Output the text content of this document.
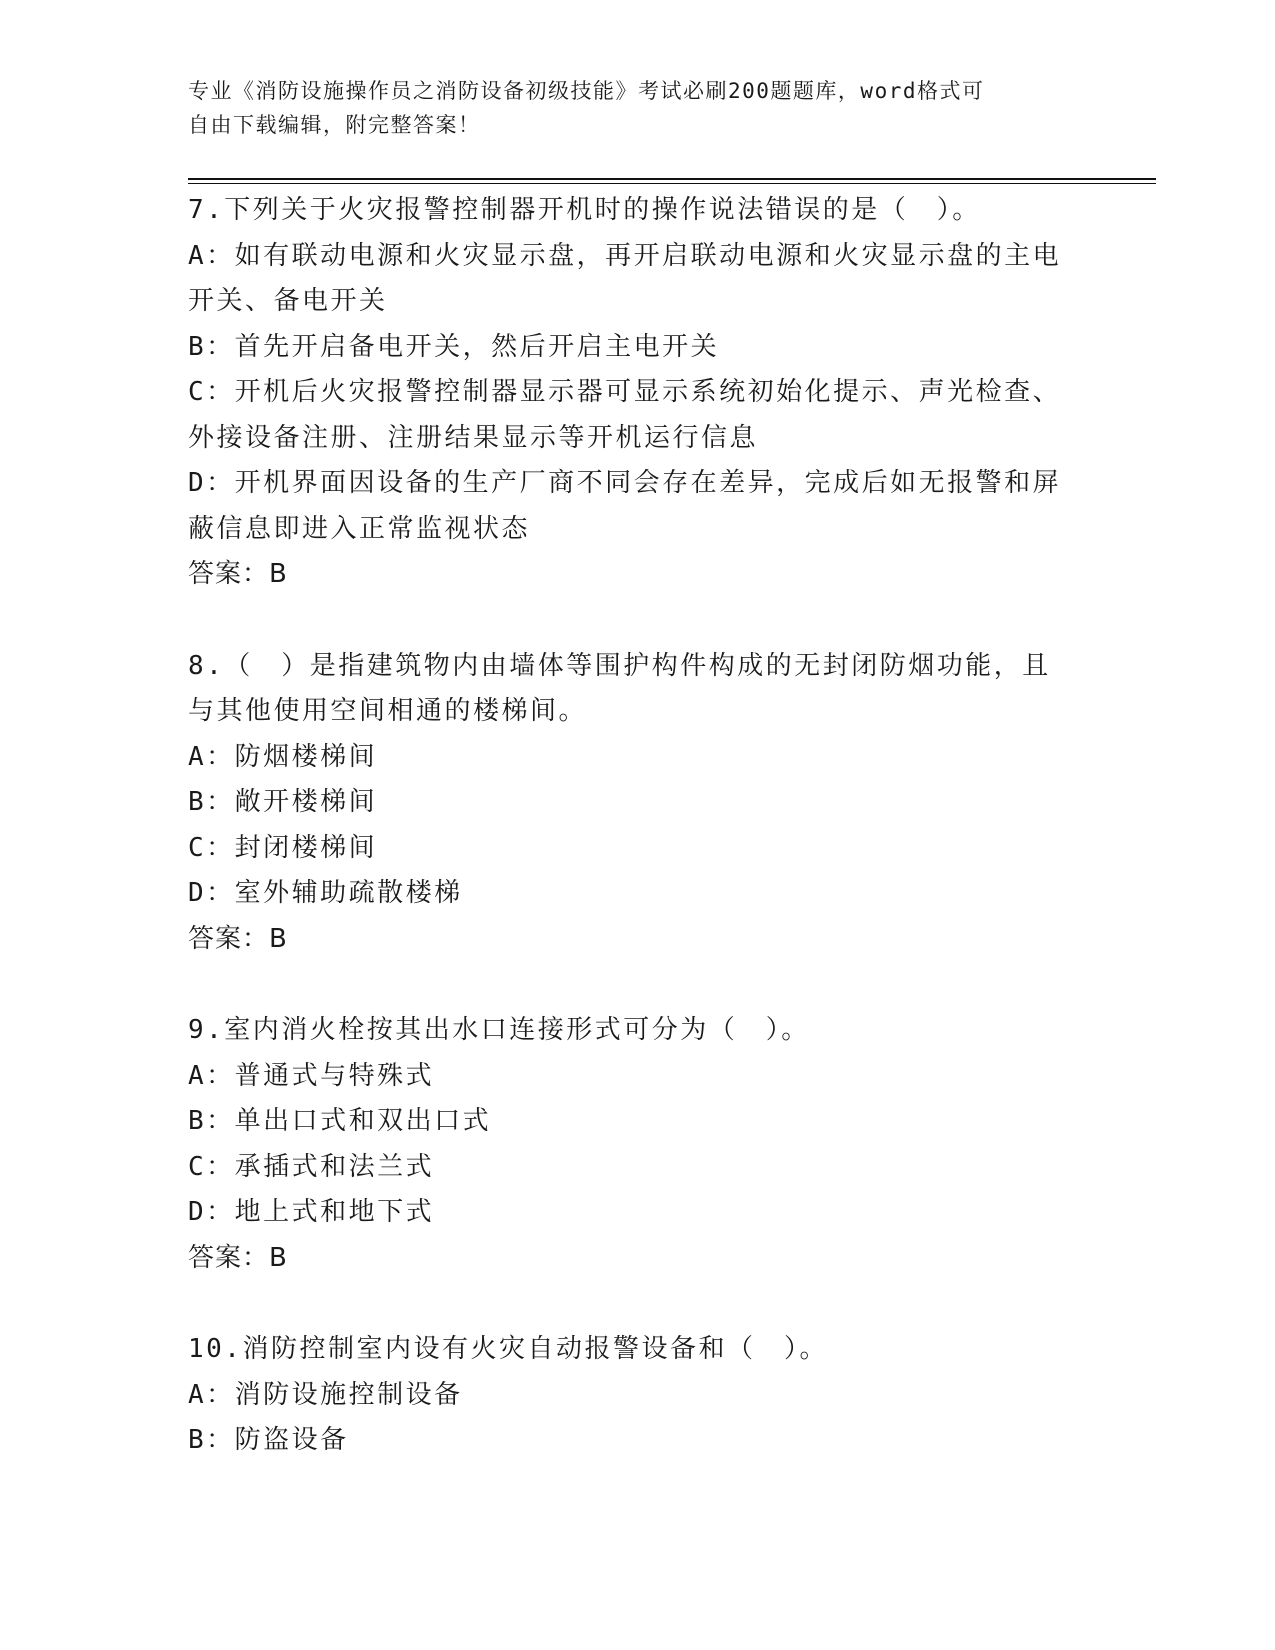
专业《消防设施操作员之消防设备初级技能》考试必刷200题题库，word格式可
自由下载编辑，附完整答案！
7.下列关于火灾报警控制器开机时的操作说法错误的是（　）。
A：如有联动电源和火灾显示盘，再开启联动电源和火灾显示盘的主电
开关、备电开关
B：首先开启备电开关，然后开启主电开关
C：开机后火灾报警控制器显示器可显示系统初始化提示、声光检查、
外接设备注册、注册结果显示等开机运行信息
D：开机界面因设备的生产厂商不同会存在差异，完成后如无报警和屏
蔽信息即进入正常监视状态
答案：B
8.（　）是指建筑物内由墙体等围护构件构成的无封闭防烟功能，且
与其他使用空间相通的楼梯间。
A：防烟楼梯间
B：敞开楼梯间
C：封闭楼梯间
D：室外辅助疏散楼梯
答案：B
9.室内消火栓按其出水口连接形式可分为（　）。
A：普通式与特殊式
B：单出口式和双出口式
C：承插式和法兰式
D：地上式和地下式
答案：B
10.消防控制室内设有火灾自动报警设备和（　）。
A：消防设施控制设备
B：防盗设备
